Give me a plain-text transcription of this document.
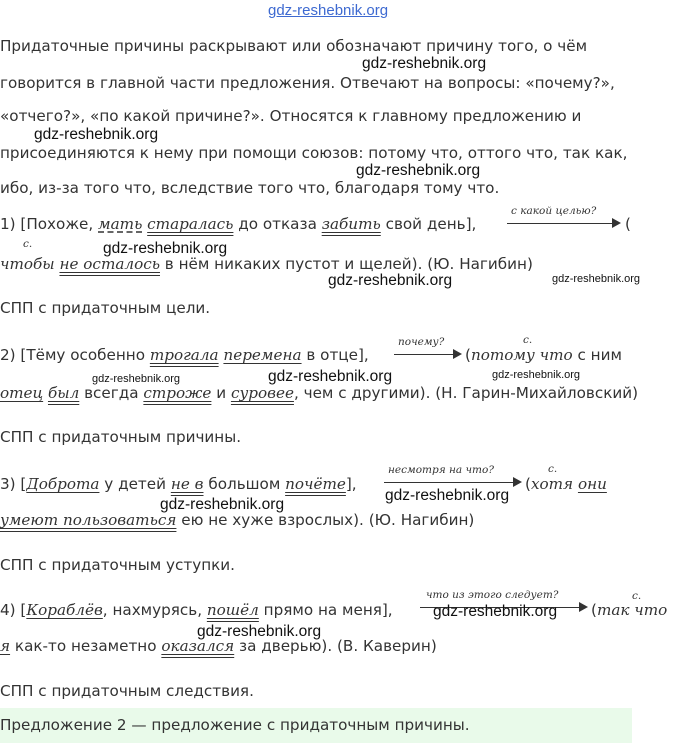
gdz-reshebnik.org
Придаточные причины раскрывают или обозначают причину того, о чём
говорится в главной части предложения. Отвечают на вопросы: «почему?»,
«отчего?», «по какой причине?». Относятся к главному предложению и
присоединяются к нему при помощи союзов: потому что, оттого что, так как,
ибо, из-за того что, вследствие того что, благодаря тому что.
1) [Похоже, мать старалась до отказа забить свой день],
с какой целью?
(
с.
чтобы не осталось в нём никаких пустот и щелей). (Ю. Нагибин)
СПП с придаточным цели.
2) [Тёму особенно трогала перемена в отце],
почему?
(потому что с ним
с.
отец был всегда строже и суровее, чем с другими). (Н. Гарин-Михайловский)
СПП с придаточным причины.
3) [Доброта у детей не в большом почёте],
несмотря на что?
(хотя они
с.
умеют пользоваться ею не хуже взрослых). (Ю. Нагибин)
СПП с придаточным уступки.
4) [Кораблёв, нахмурясь, пошёл прямо на меня],
что из этого следует?
(так что
с.
я как-то незаметно оказался за дверью). (В. Каверин)
СПП с придаточным следствия.
Предложение 2 — предложение с придаточным причины.
gdz-reshebnik.org
gdz-reshebnik.org
gdz-reshebnik.org
gdz-reshebnik.org
gdz-reshebnik.org	gdz-reshebnik.org
gdz-reshebnik.org	gdz-reshebnik.org	gdz-reshebnik.org
gdz-reshebnik.org
gdz-reshebnik.org
gdz-reshebnik.org
gdz-reshebnik.org
